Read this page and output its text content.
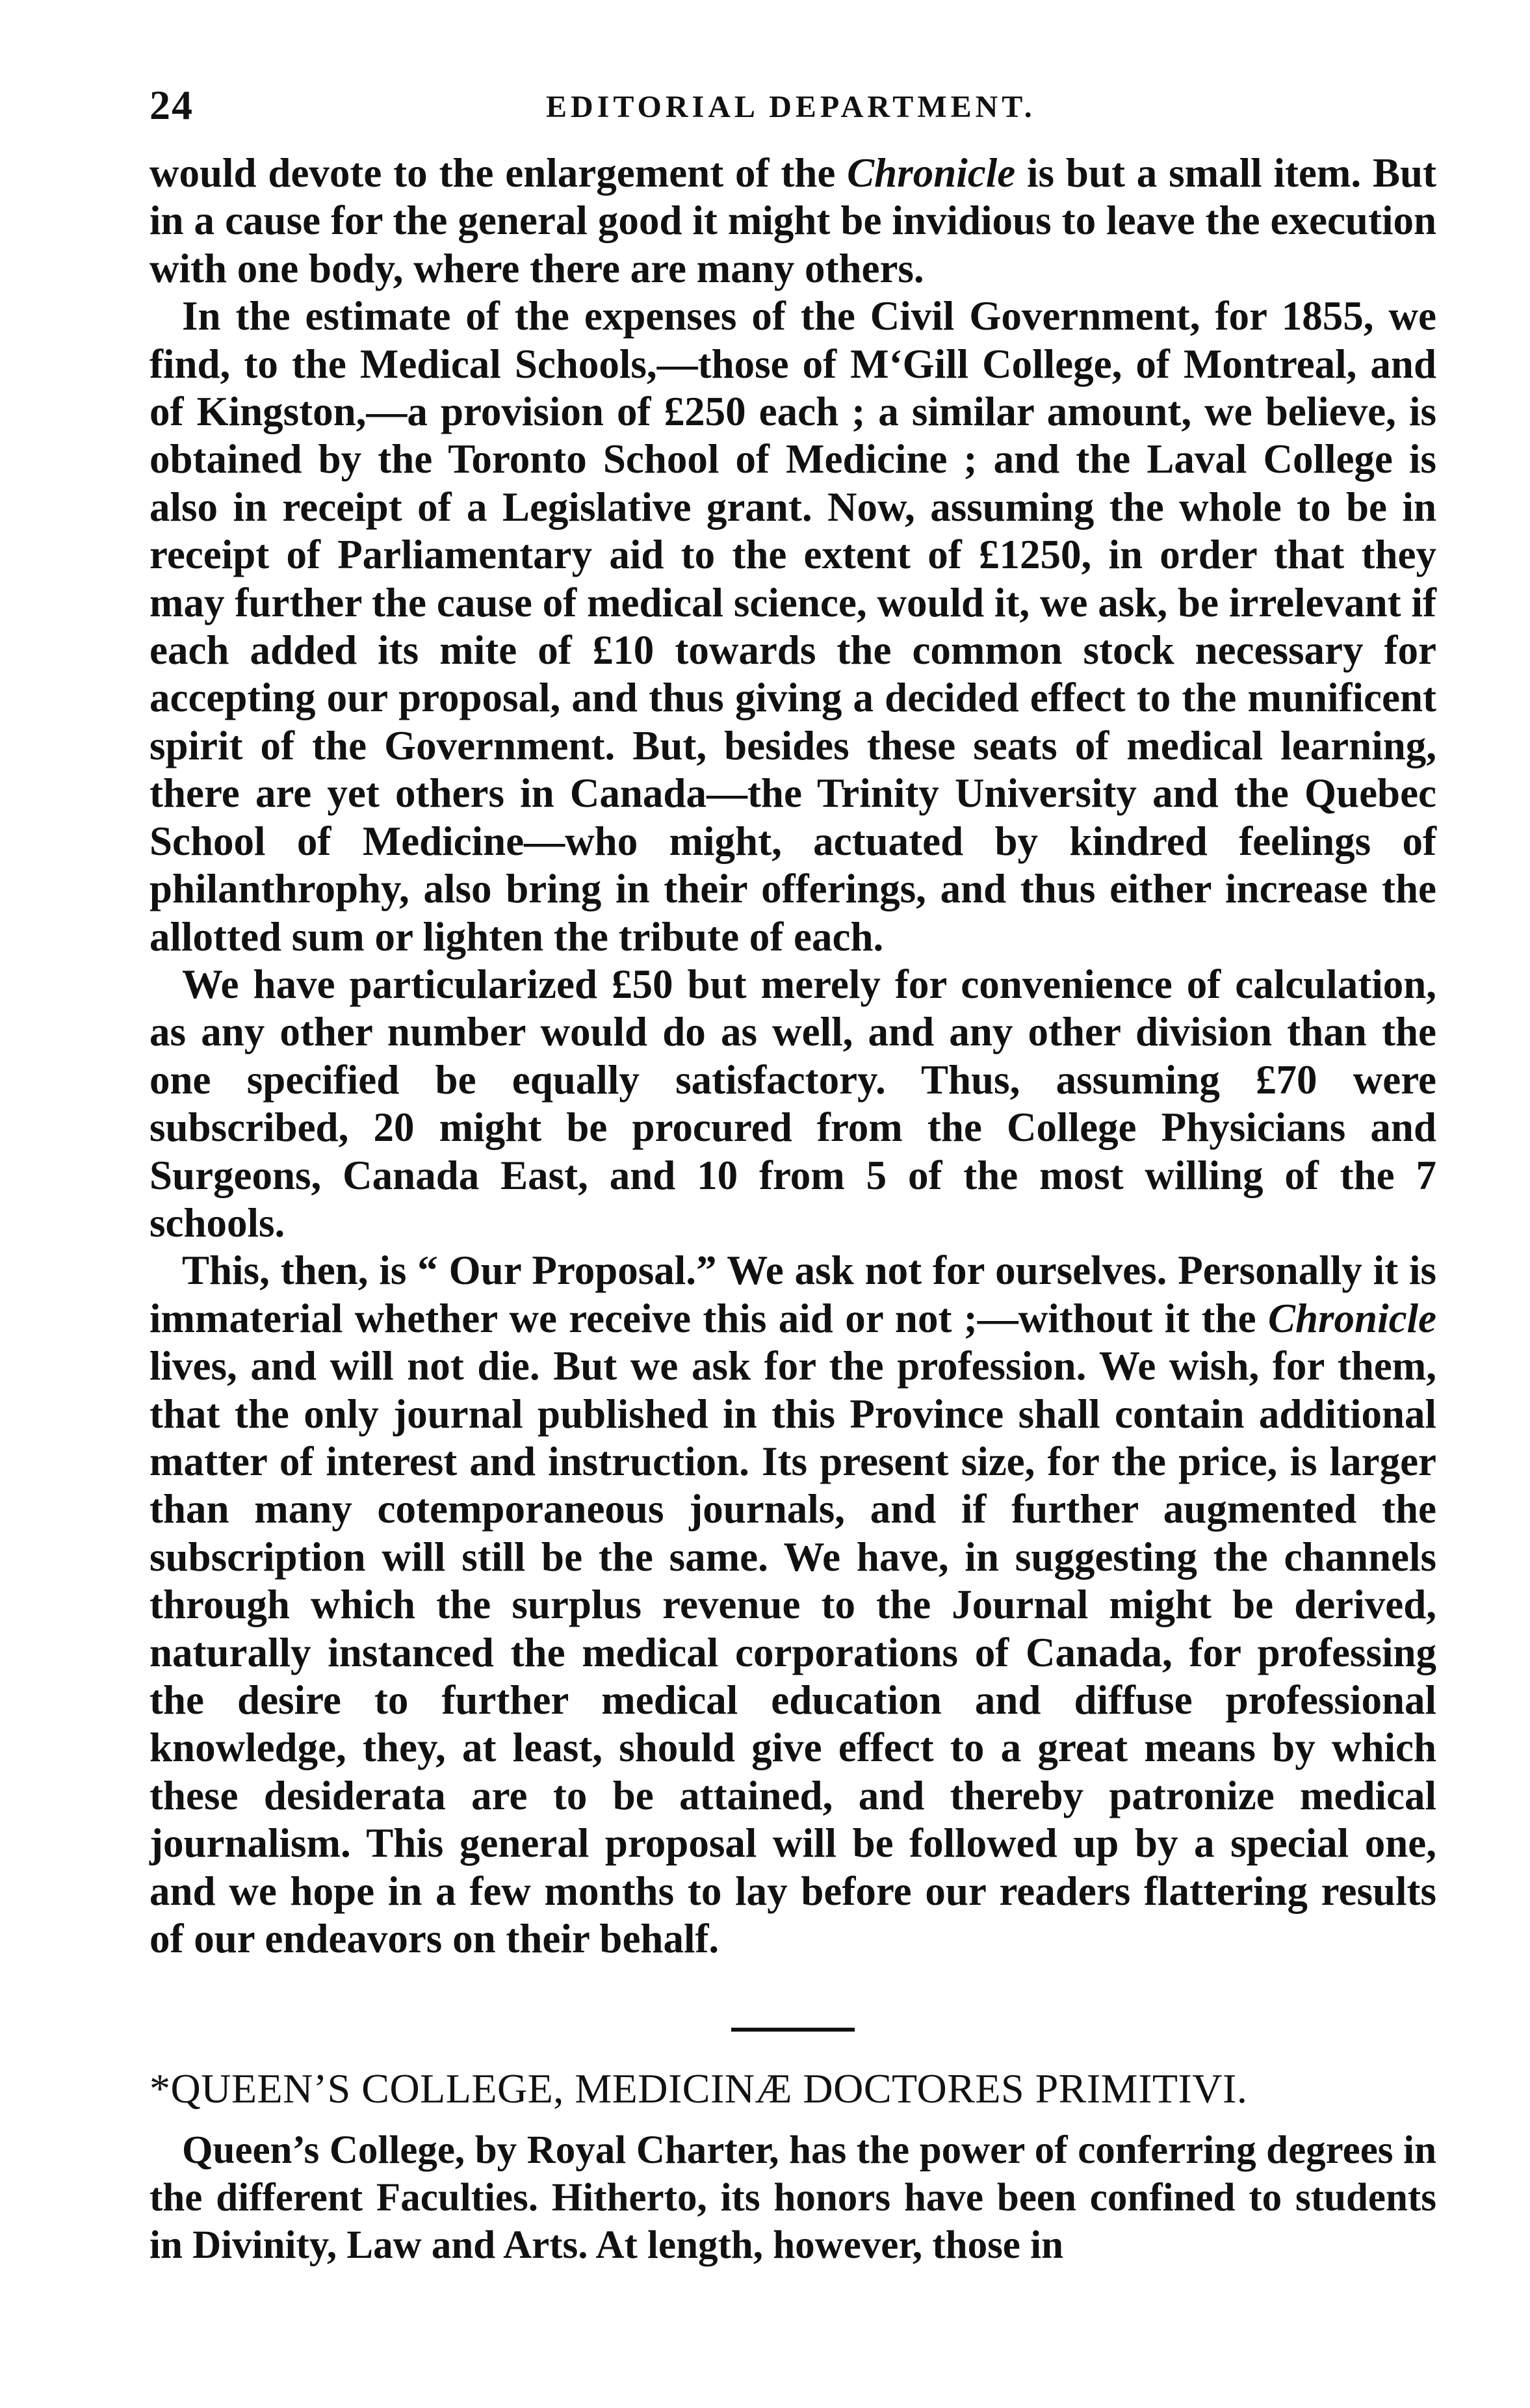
24	EDITORIAL DEPARTMENT.

would devote to the enlargement of the Chronicle is but a small item. But in a cause for the general good it might be invidious to leave the execution with one body, where there are many others.

In the estimate of the expenses of the Civil Government, for 1855, we find, to the Medical Schools,—those of M‘Gill College, of Montreal, and of Kingston,—a provision of £250 each ; a similar amount, we believe, is obtained by the Toronto School of Medicine ; and the Laval College is also in receipt of a Legislative grant. Now, assuming the whole to be in receipt of Parliamentary aid to the extent of £1250, in order that they may further the cause of medical science, would it, we ask, be irrelevant if each added its mite of £10 towards the common stock necessary for accepting our proposal, and thus giving a decided effect to the munificent spirit of the Government. But, besides these seats of medical learning, there are yet others in Canada—the Trinity University and the Quebec School of Medicine—who might, actuated by kindred feelings of philanthrophy, also bring in their offerings, and thus either increase the allotted sum or lighten the tribute of each.

We have particularized £50 but merely for convenience of calculation, as any other number would do as well, and any other division than the one specified be equally satisfactory. Thus, assuming £70 were subscribed, 20 might be procured from the College Physicians and Surgeons, Canada East, and 10 from 5 of the most willing of the 7 schools.

This, then, is “ Our Proposal.” We ask not for ourselves. Personally it is immaterial whether we receive this aid or not ;—without it the Chronicle lives, and will not die. But we ask for the profession. We wish, for them, that the only journal published in this Province shall contain additional matter of interest and instruction. Its present size, for the price, is larger than many cotemporaneous journals, and if further augmented the subscription will still be the same. We have, in suggesting the channels through which the surplus revenue to the Journal might be derived, naturally instanced the medical corporations of Canada, for professing the desire to further medical education and diffuse professional knowledge, they, at least, should give effect to a great means by which these desiderata are to be attained, and thereby patronize medical journalism. This general proposal will be followed up by a special one, and we hope in a few months to lay before our readers flattering results of our endeavors on their behalf.

*QUEEN’S COLLEGE, MEDICINÆ DOCTORES PRIMITIVI.

Queen’s College, by Royal Charter, has the power of conferring degrees in the different Faculties. Hitherto, its honors have been confined to students in Divinity, Law and Arts. At length, however, those in
